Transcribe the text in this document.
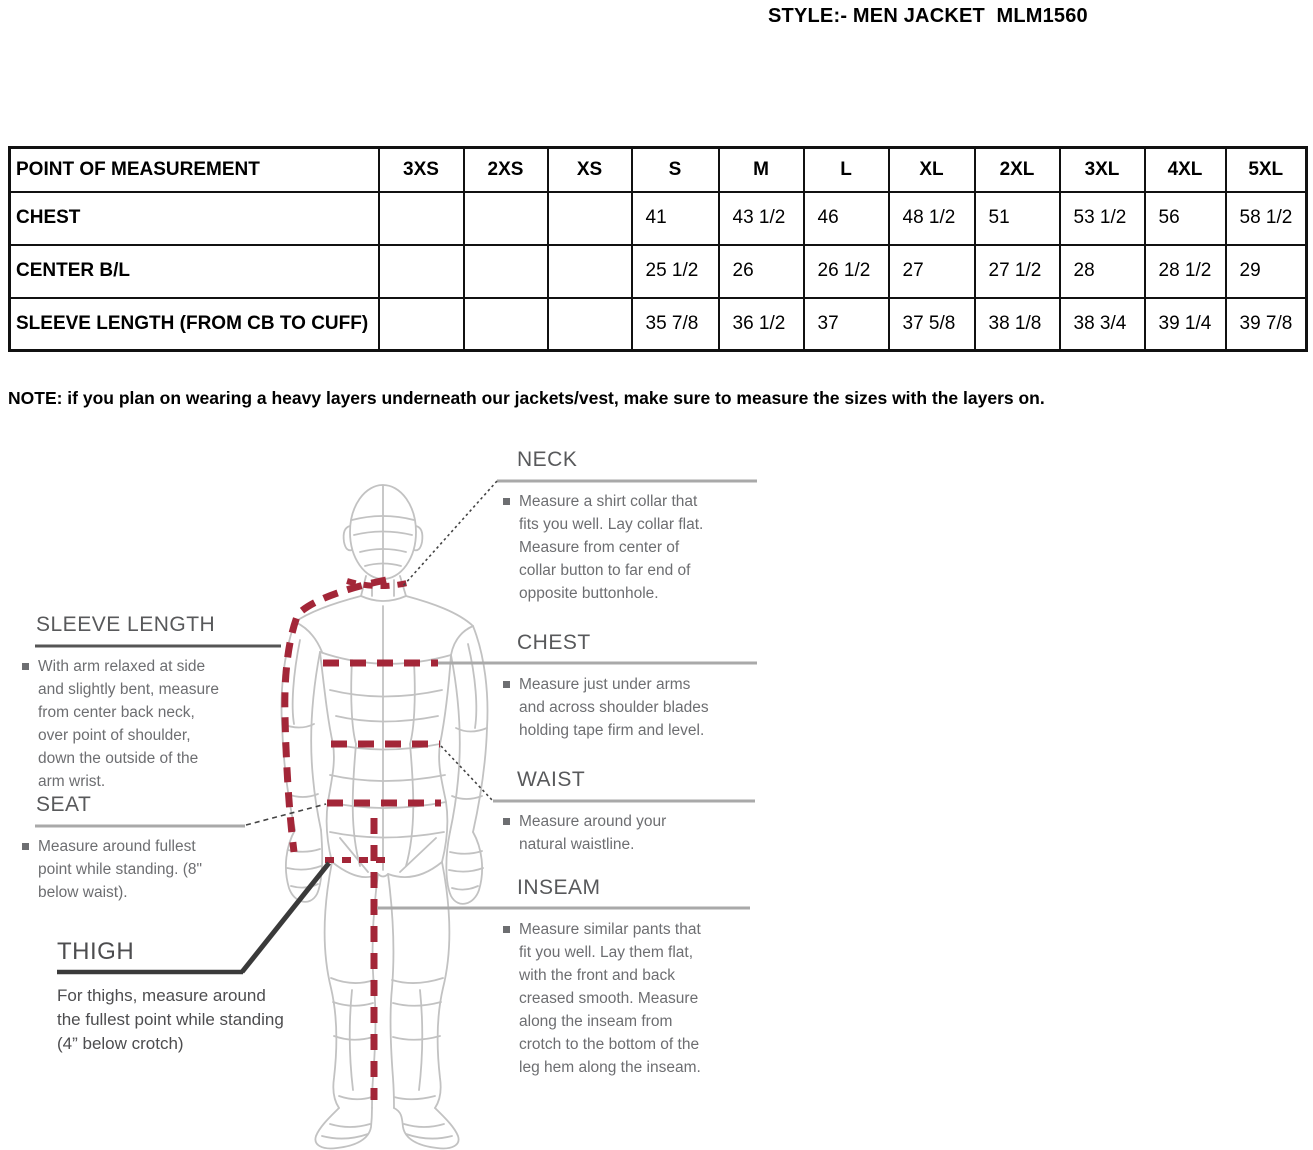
STYLE:- MEN JACKET  MLM1560
POINT OF MEASUREMENT	3XS	2XS	XS	S	M	L	XL	2XL	3XL	4XL	5XL
CHEST				41	43 1/2	46	48 1/2	51	53 1/2	56	58 1/2
CENTER B/L				25 1/2	26	26 1/2	27	27 1/2	28	28 1/2	29
SLEEVE LENGTH (FROM CB TO CUFF)				35 7/8	36 1/2	37	37 5/8	38 1/8	38 3/4	39 1/4	39 7/8
NOTE: if you plan on wearing a heavy layers underneath our jackets/vest, make sure to measure the sizes with the layers on.
NECK
Measure a shirt collar that fits you well. Lay collar flat. Measure from center of collar button to far end of opposite buttonhole.
CHEST
Measure just under arms and across shoulder blades holding tape firm and level.
WAIST
Measure around your natural waistline.
INSEAM
Measure similar pants that fit you well. Lay them flat, with the front and back creased smooth. Measure along the inseam from crotch to the bottom of the leg hem along the inseam.
SLEEVE LENGTH
With arm relaxed at side and slightly bent, measure from center back neck, over point of shoulder, down the outside of the arm wrist.
SEAT
Measure around fullest point while standing. (8" below waist).
THIGH
For thighs, measure around the fullest point while standing (4” below crotch)
